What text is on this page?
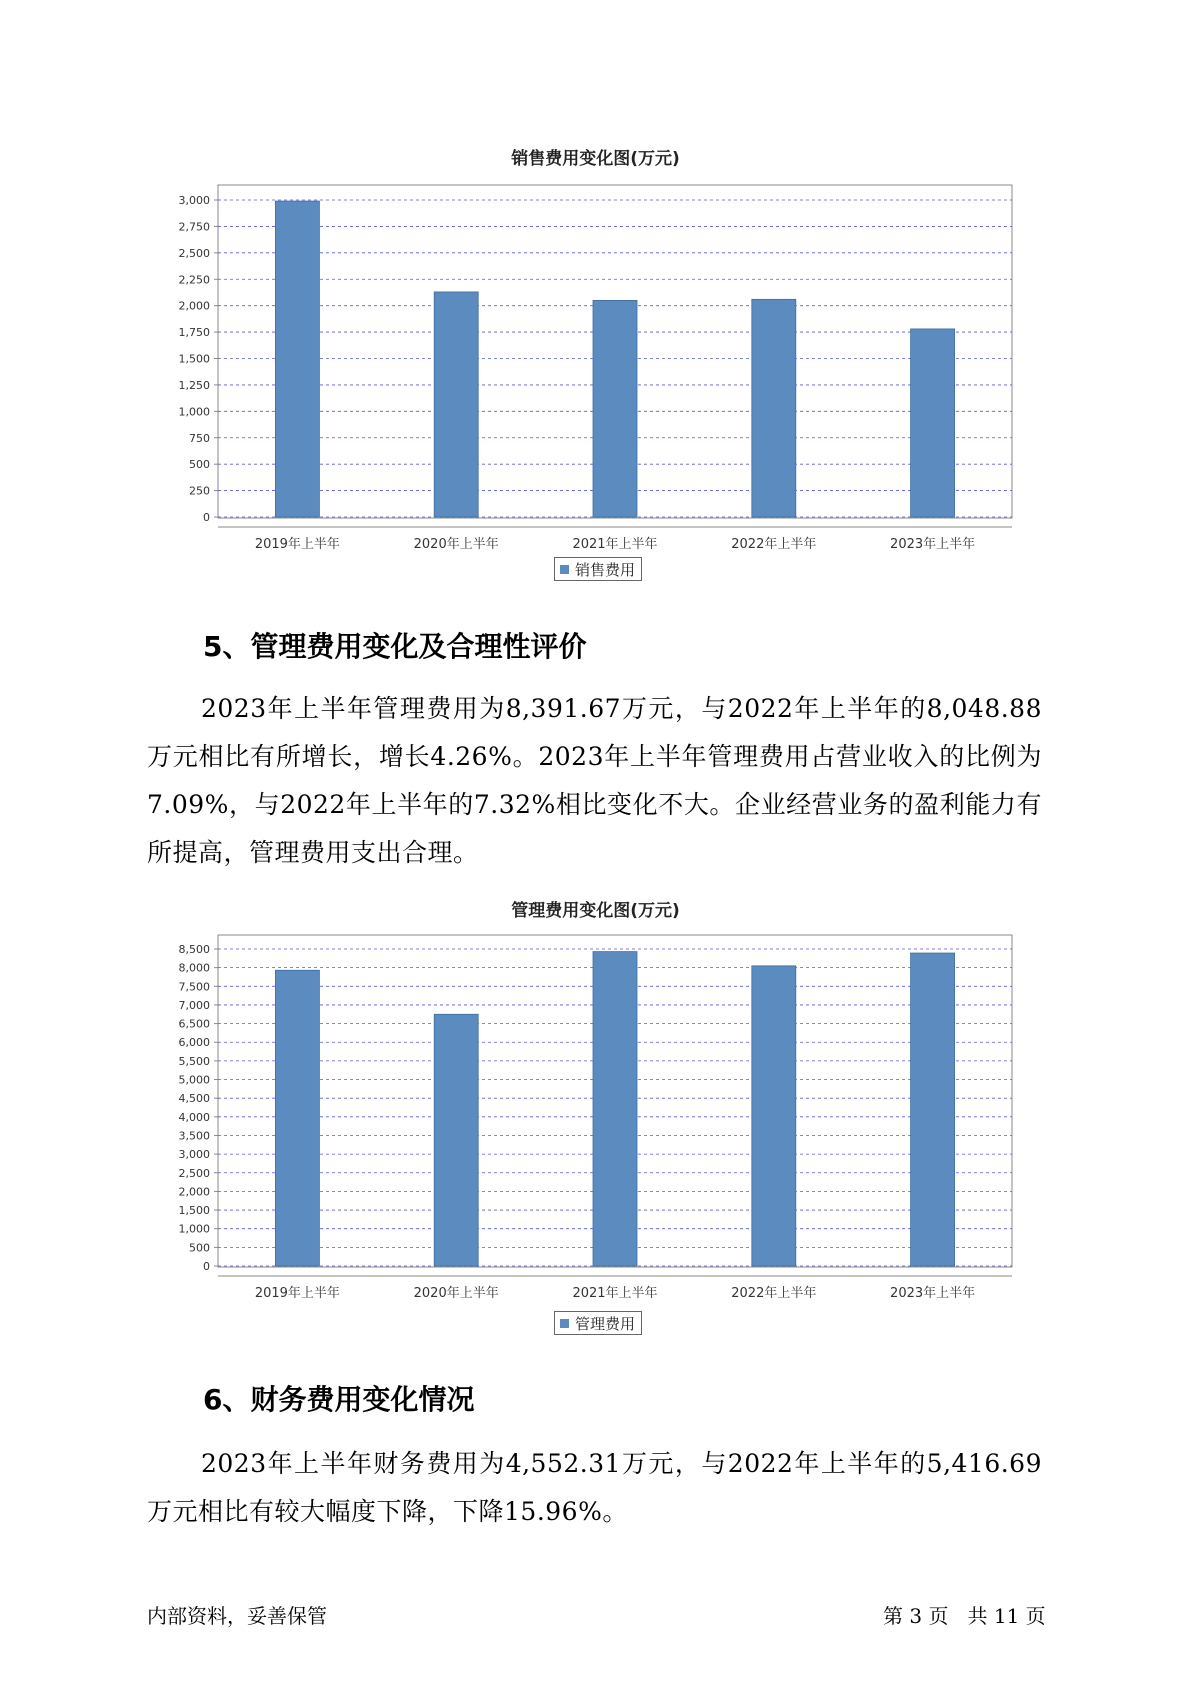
销售费用变化图(万元)
0
250
500
750
1,000
1,250
1,500
1,750
2,000
2,250
2,500
2,750
3,000
2019年上半年	2020年上半年	2021年上半年	2022年上半年	2023年上半年
销售费用
5、管理费用变化及合理性评价

2023年上半年管理费用为8,391.67万元，与2022年上半年的8,048.88万元相比有所增长，增长4.26%。2023年上半年管理费用占营业收入的比例为7.09%，与2022年上半年的7.32%相比变化不大。企业经营业务的盈利能力有所提高，管理费用支出合理。

管理费用变化图(万元)
0
500
1,000
1,500
2,000
2,500
3,000
3,500
4,000
4,500
5,000
5,500
6,000
6,500
7,000
7,500
8,000
8,500
2019年上半年	2020年上半年	2021年上半年	2022年上半年	2023年上半年
管理费用
6、财务费用变化情况

2023年上半年财务费用为4,552.31万元，与2022年上半年的5,416.69万元相比有较大幅度下降，下降15.96%。

内部资料，妥善保管	第 3 页   共 11 页
